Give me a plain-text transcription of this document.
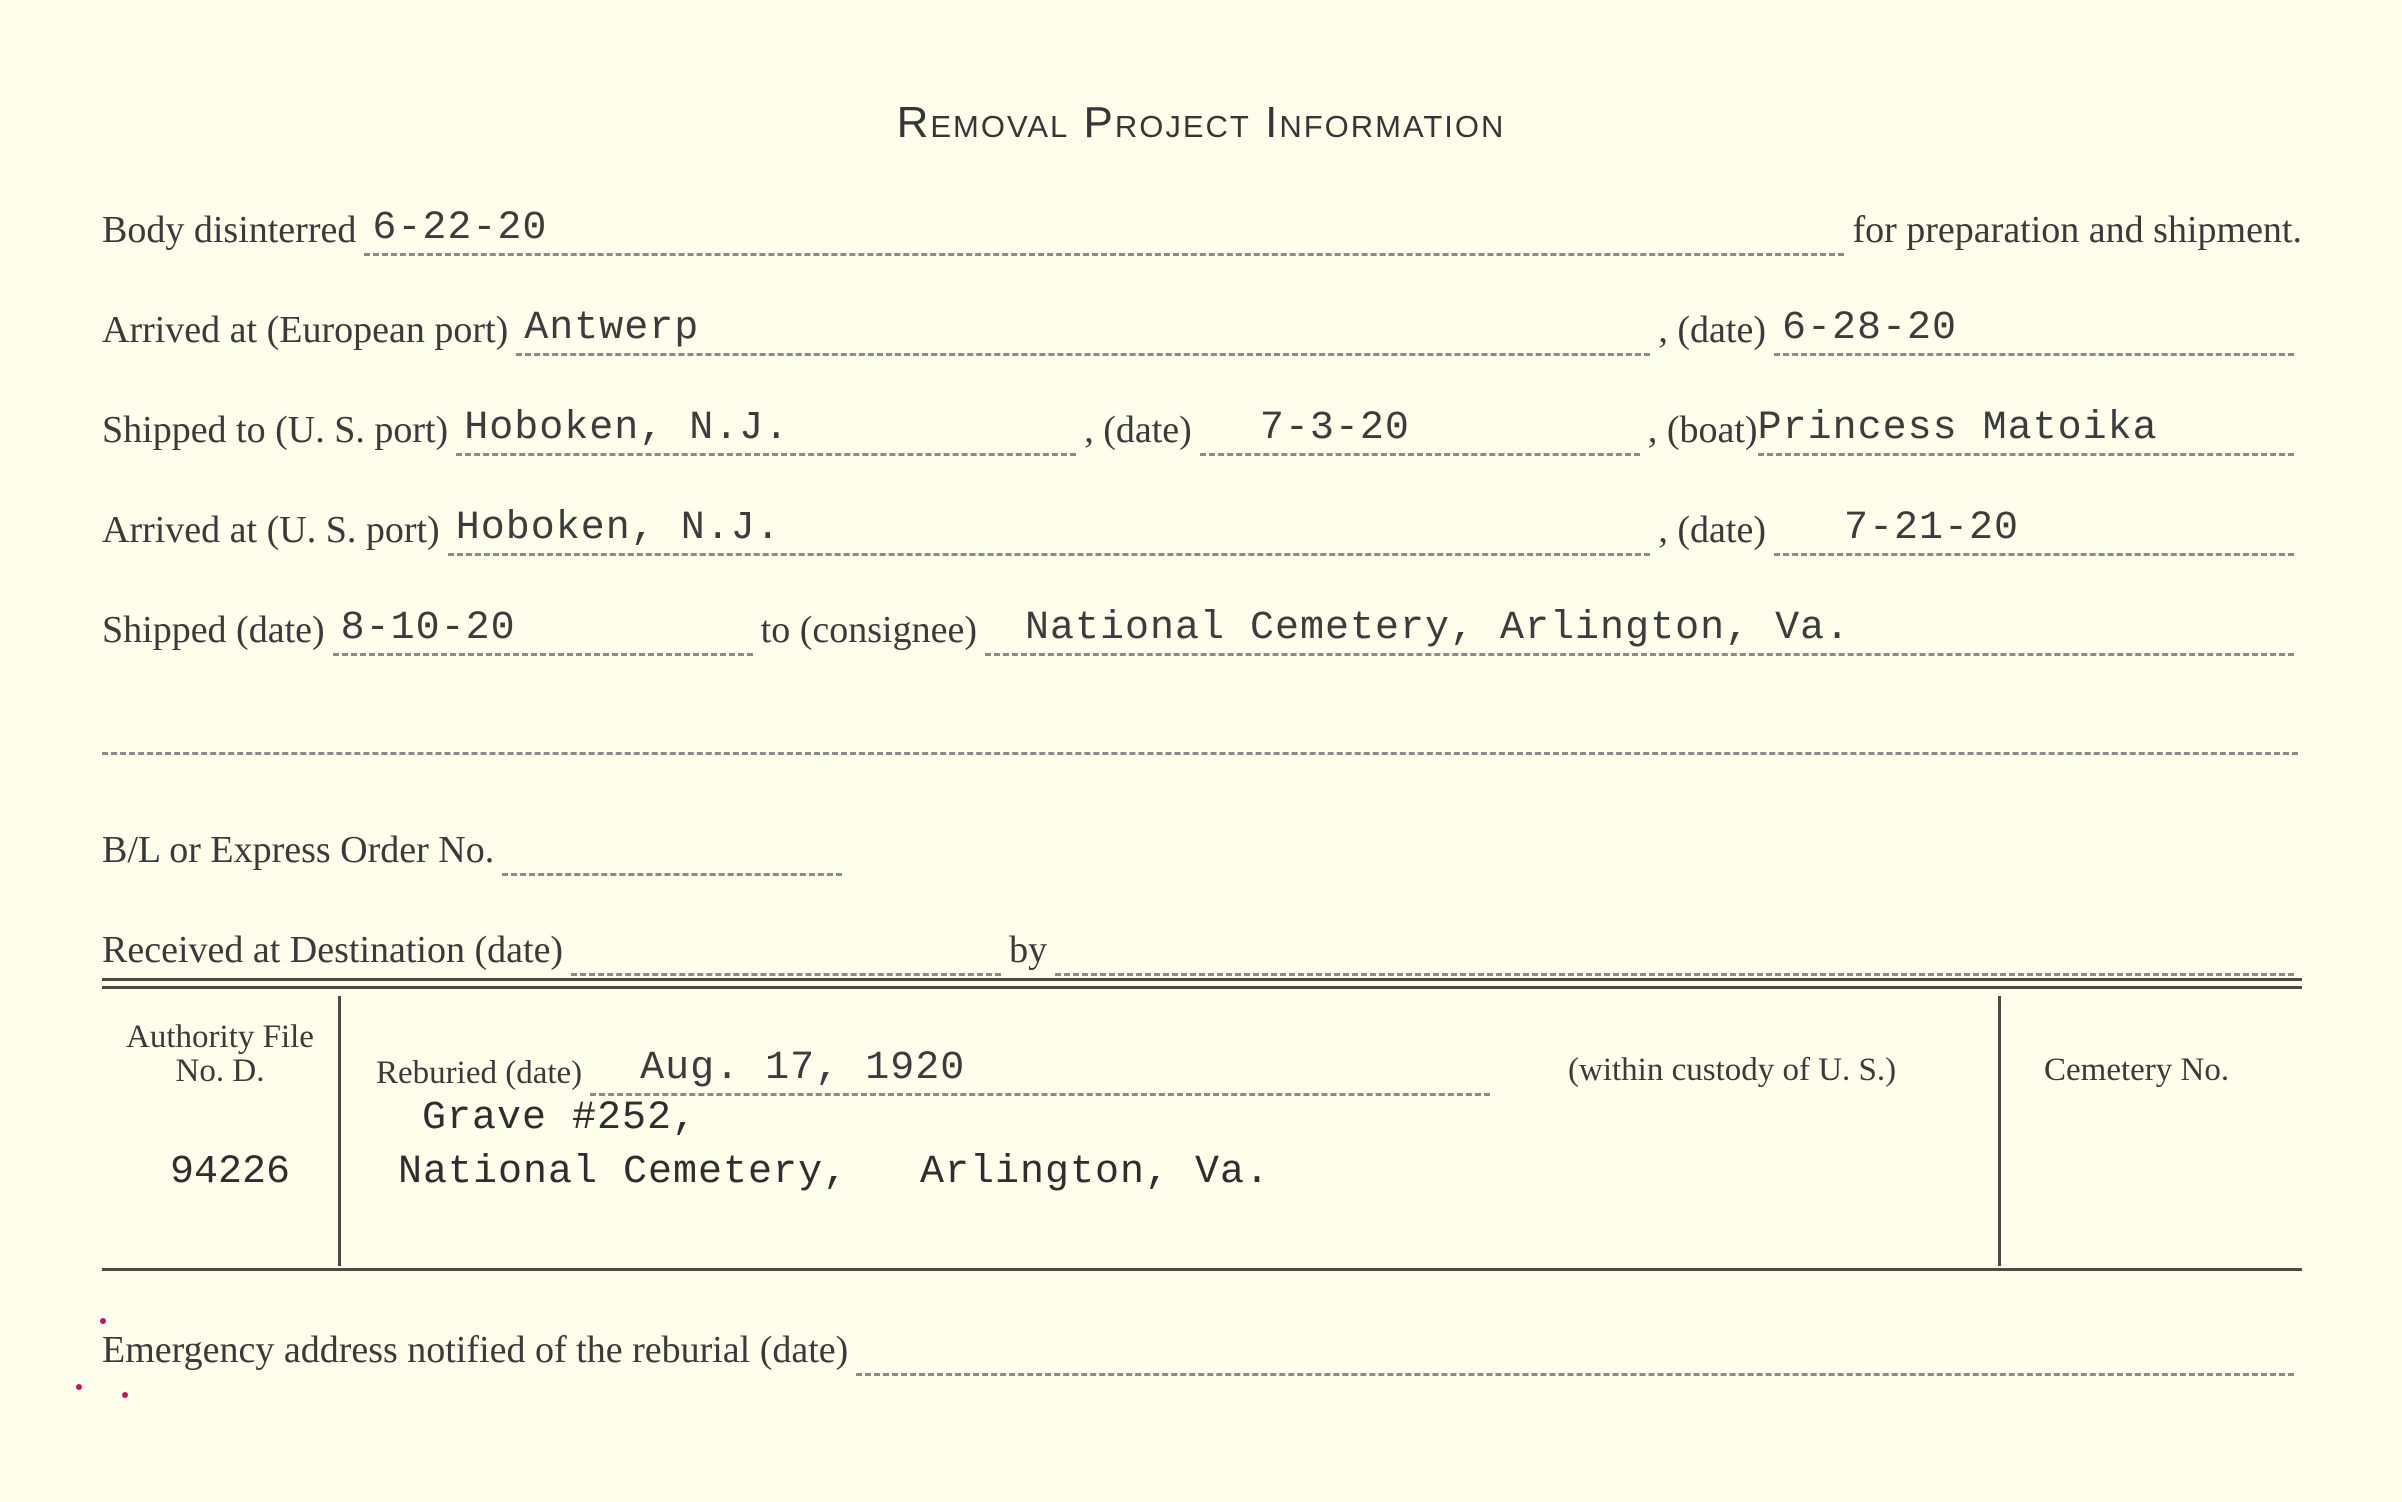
Removal Project Information
Body disinterred 6-22-20	for preparation and shipment.
Arrived at (European port) Antwerp	, (date) 6-28-20
Shipped to (U. S. port) Hoboken, N.J.	, (date) 7-3-20	, (boat) Princess Matoika
Arrived at (U. S. port) Hoboken, N.J.	, (date) 7-21-20
Shipped (date) 8-10-20	to (consignee) National Cemetery, Arlington, Va.
B/L or Express Order No.
Received at Destination (date)	by
Authority File No. D.
94226
Reburied (date) Aug. 17, 1920	(within custody of U. S.)
Grave #252,
National Cemetery, Arlington, Va.
Cemetery No.
Emergency address notified of the reburial (date)
